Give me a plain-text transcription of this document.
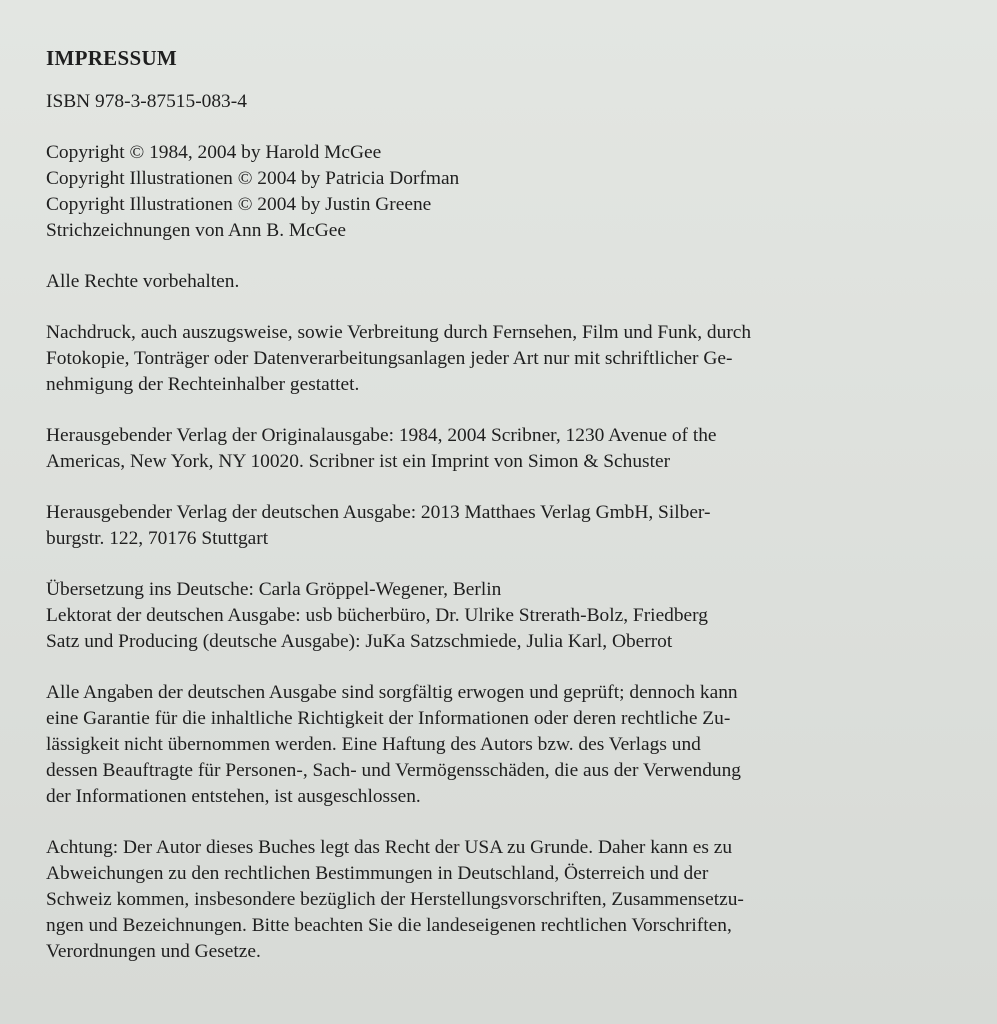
IMPRESSUM
ISBN 978-3-87515-083-4
Copyright © 1984, 2004 by Harold McGee
Copyright Illustrationen © 2004 by Patricia Dorfman
Copyright Illustrationen © 2004 by Justin Greene
Strichzeichnungen von Ann B. McGee
Alle Rechte vorbehalten.
Nachdruck, auch auszugsweise, sowie Verbreitung durch Fernsehen, Film und Funk, durch
Fotokopie, Tonträger oder Datenverarbeitungsanlagen jeder Art nur mit schriftlicher Ge-
nehmigung der Rechteinhalber gestattet.
Herausgebender Verlag der Originalausgabe: 1984, 2004 Scribner, 1230 Avenue of the
Americas, New York, NY 10020. Scribner ist ein Imprint von Simon & Schuster
Herausgebender Verlag der deutschen Ausgabe: 2013 Matthaes Verlag GmbH, Silber-
burgstr. 122, 70176 Stuttgart
Übersetzung ins Deutsche: Carla Gröppel-Wegener, Berlin
Lektorat der deutschen Ausgabe: usb bücherbüro, Dr. Ulrike Strerath-Bolz, Friedberg
Satz und Producing (deutsche Ausgabe): JuKa Satzschmiede, Julia Karl, Oberrot
Alle Angaben der deutschen Ausgabe sind sorgfältig erwogen und geprüft; dennoch kann
eine Garantie für die inhaltliche Richtigkeit der Informationen oder deren rechtliche Zu-
lässigkeit nicht übernommen werden. Eine Haftung des Autors bzw. des Verlags und
dessen Beauftragte für Personen-, Sach- und Vermögensschäden, die aus der Verwendung
der Informationen entstehen, ist ausgeschlossen.
Achtung: Der Autor dieses Buches legt das Recht der USA zu Grunde. Daher kann es zu
Abweichungen zu den rechtlichen Bestimmungen in Deutschland, Österreich und der
Schweiz kommen, insbesondere bezüglich der Herstellungsvorschriften, Zusammensetzu-
ngen und Bezeichnungen. Bitte beachten Sie die landeseigenen rechtlichen Vorschriften,
Verordnungen und Gesetze.
